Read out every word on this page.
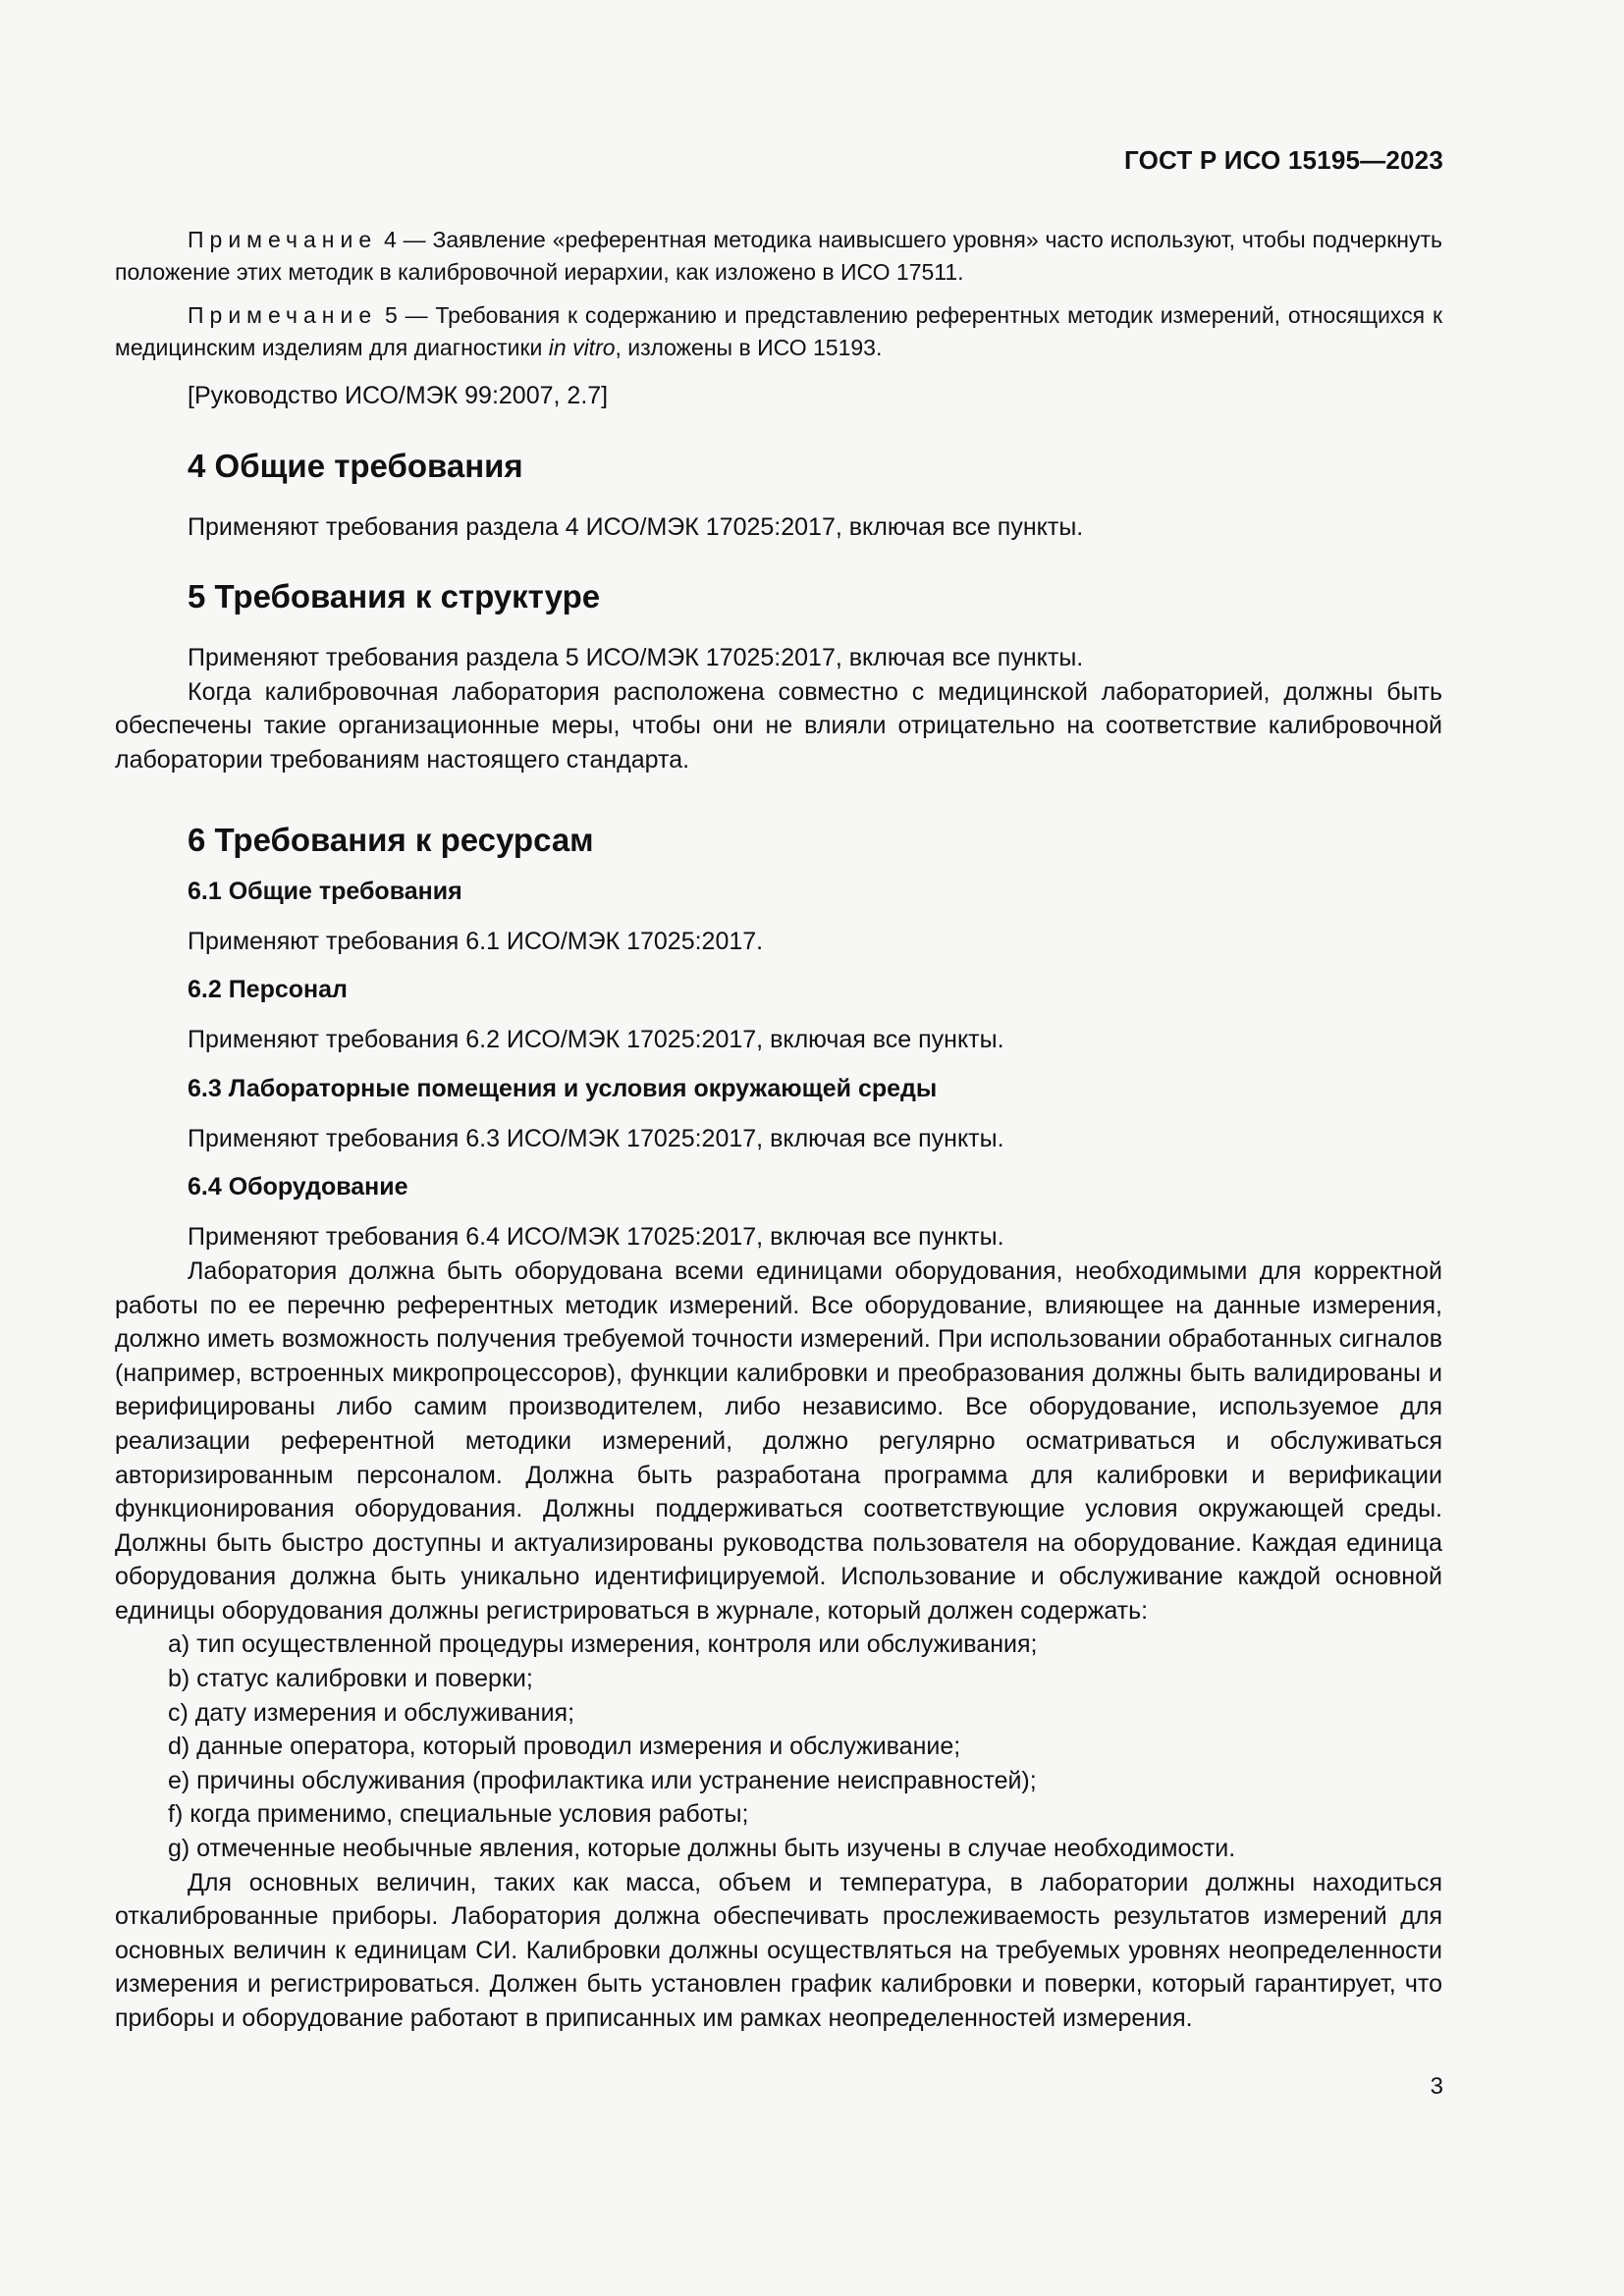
ГОСТ Р ИСО 15195—2023

Примечание 4 — Заявление «референтная методика наивысшего уровня» часто используют, чтобы подчеркнуть положение этих методик в калибровочной иерархии, как изложено в ИСО 17511.

Примечание 5 — Требования к содержанию и представлению референтных методик измерений, относящихся к медицинским изделиям для диагностики in vitro, изложены в ИСО 15193.

[Руководство ИСО/МЭК 99:2007, 2.7]

4 Общие требования

Применяют требования раздела 4 ИСО/МЭК 17025:2017, включая все пункты.

5 Требования к структуре

Применяют требования раздела 5 ИСО/МЭК 17025:2017, включая все пункты.

Когда калибровочная лаборатория расположена совместно с медицинской лабораторией, должны быть обеспечены такие организационные меры, чтобы они не влияли отрицательно на соответствие калибровочной лаборатории требованиям настоящего стандарта.

6 Требования к ресурсам
6.1 Общие требования

Применяют требования 6.1 ИСО/МЭК 17025:2017.

6.2 Персонал

Применяют требования 6.2 ИСО/МЭК 17025:2017, включая все пункты.

6.3 Лабораторные помещения и условия окружающей среды

Применяют требования 6.3 ИСО/МЭК 17025:2017, включая все пункты.

6.4 Оборудование

Применяют требования 6.4 ИСО/МЭК 17025:2017, включая все пункты.

Лаборатория должна быть оборудована всеми единицами оборудования, необходимыми для корректной работы по ее перечню референтных методик измерений. Все оборудование, влияющее на данные измерения, должно иметь возможность получения требуемой точности измерений. При использовании обработанных сигналов (например, встроенных микропроцессоров), функции калибровки и преобразования должны быть валидированы и верифицированы либо самим производителем, либо независимо. Все оборудование, используемое для реализации референтной методики измерений, должно регулярно осматриваться и обслуживаться авторизированным персоналом. Должна быть разработана программа для калибровки и верификации функционирования оборудования. Должны поддерживаться соответствующие условия окружающей среды. Должны быть быстро доступны и актуализированы руководства пользователя на оборудование. Каждая единица оборудования должна быть уникально идентифицируемой. Использование и обслуживание каждой основной единицы оборудования должны регистрироваться в журнале, который должен содержать:

a) тип осуществленной процедуры измерения, контроля или обслуживания;
b) статус калибровки и поверки;
c) дату измерения и обслуживания;
d) данные оператора, который проводил измерения и обслуживание;
e) причины обслуживания (профилактика или устранение неисправностей);
f) когда применимо, специальные условия работы;
g) отмеченные необычные явления, которые должны быть изучены в случае необходимости.

Для основных величин, таких как масса, объем и температура, в лаборатории должны находиться откалиброванные приборы. Лаборатория должна обеспечивать прослеживаемость результатов измерений для основных величин к единицам СИ. Калибровки должны осуществляться на требуемых уровнях неопределенности измерения и регистрироваться. Должен быть установлен график калибровки и поверки, который гарантирует, что приборы и оборудование работают в приписанных им рамках неопределенностей измерения.

3
